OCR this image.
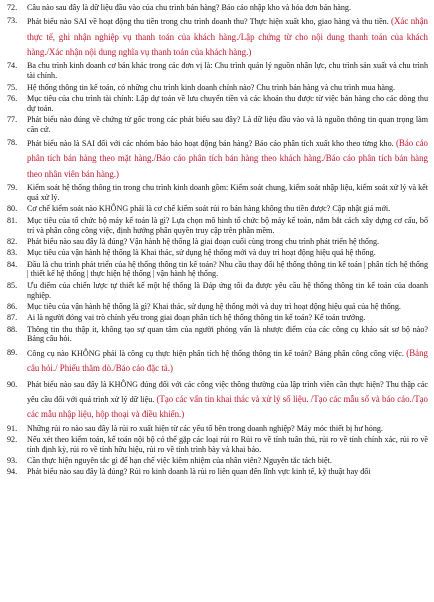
72.	Câu nào sau đây là dữ liệu đầu vào của chu trình bán hàng? Báo cáo nhập kho và hóa đơn bán hàng.
73.	Phát biểu nào SAI về hoạt động thu tiền trong chu trình doanh thu? Thực hiện xuất kho, giao hàng và thu tiền. (Xác nhận thực tế, ghi nhận nghiệp vụ thanh toán của khách hàng./Lập chứng từ cho nội dung thanh toán của khách hàng./Xác nhận nội dung nghĩa vụ thanh toán của khách hàng.)
74.	Ba chu trình kinh doanh cơ bản khác trong các đơn vị là: Chu trình quản lý nguồn nhân lực, chu trình sản xuất và chu trình tài chính.
75.	Hệ thống thông tin kế toán, có những chu trình kinh doanh chính nào? Chu trình bán hàng và chu trình mua hàng.
76.	Mục tiêu của chu trình tài chính: Lập dự toán về lưu chuyển tiền và các khoản thu được từ việc bán hàng cho các dòng thu dự toán.
77.	Phát biểu nào đúng về chứng từ gốc trong các phát biểu sau đây? Là dữ liệu đầu vào và là nguồn thông tin quan trọng làm căn cứ.
78.	Phát biểu nào là SAI đối với các nhóm báo báo hoạt động bán hàng? Báo cáo phân tích xuất kho theo từng kho. (Báo cáo phân tích bán hàng theo mặt hàng./Báo cáo phân tích bán hàng theo khách hàng./Báo cáo phân tích bán hàng theo nhân viên bán hàng.)
79.	Kiểm soát hệ thống thông tin trong chu trình kinh doanh gồm: Kiểm soát chung, kiểm soát nhập liệu, kiểm soát xử lý và kết quả xử lý.
80.	Cơ chế kiểm soát nào KHÔNG phải là cơ chế kiểm soát rủi ro bán hàng không thu tiền được? Cập nhật giá mới.
81.	Mục tiêu của tổ chức bộ máy kế toán là gì? Lựa chọn mô hình tổ chức bộ máy kế toán, nắm bắt cách xây dựng cơ cấu, bố trí và phân công công việc, định hướng phân quyền truy cập trên phần mềm.
82.	Phát biểu nào sau đây là đúng? Vận hành hệ thống là giai đoạn cuối cùng trong chu trình phát triển hệ thống.
83.	Mục tiêu của vận hành hệ thống là Khai thác, sử dụng hệ thống mới và duy trì hoạt động hiệu quả hệ thống.
84.	Đầu là chu trình phát triển của hệ thống thông tin kế toán? Nhu cầu thay đổi hệ thống thông tin kế toán | phân tích hệ thống | thiết kế hệ thống | thực hiện hệ thống | vận hành hệ thống.
85.	Ưu điểm của chiến lược tự thiết kế một hệ thống là Đáp ứng tối đa được yêu cầu hệ thống thông tin kế toán của doanh nghiệp.
86.	Mục tiêu của vận hành hệ thống là gì? Khai thác, sử dụng hệ thống mới và duy trì hoạt động hiệu quả của hệ thống.
87.	Ai là người đóng vai trò chính yếu trong giai đoạn phân tích hệ thống thông tin kế toán? Kế toán trưởng.
88.	Thông tin thu thập ít, không tạo sự quan tâm của người phỏng vấn là nhược điểm của các công cụ khảo sát sơ bộ nào? Bảng câu hỏi.
89.	Công cụ nào KHÔNG phải là công cụ thực hiện phân tích hệ thống thông tin kế toán? Bảng phân công công việc. (Bảng câu hỏi./ Phiếu thăm dò./Báo cáo đặc tả.)
90.	Phát biểu nào sau đây là KHÔNG đúng đối với các công việc thông thường của lập trình viên cần thực hiện? Thu thập các yêu cầu đối với quá trình xử lý dữ liệu. (Tạo các vấn tin khai thác và xử lý số liệu. /Tạo các mẫu số và báo cáo./Tạo các mẫu nhập liệu, hộp thoại và điều khiển.)
91.	Những rủi ro nào sau đây là rủi ro xuất hiện từ các yếu tố bên trong doanh nghiệp? Máy móc thiết bị hư hỏng.
92.	Nếu xét theo kiểm toán, kế toán nội bộ có thể gặp các loại rủi ro Rủi ro về tính tuân thủ, rủi ro về tính chính xác, rủi ro về tính định kỳ, rủi ro về tính hữu hiệu, rủi ro về tính trình bày và khai báo.
93.	Cần thực hiện nguyên tắc gì để hạn chế việc kiêm nhiệm của nhân viên? Nguyên tắc tách biệt.
94.	Phát biểu nào sau đây là đúng? Rủi ro kinh doanh là rủi ro liên quan đến lĩnh vực kinh tế, kỹ thuật hay đối
